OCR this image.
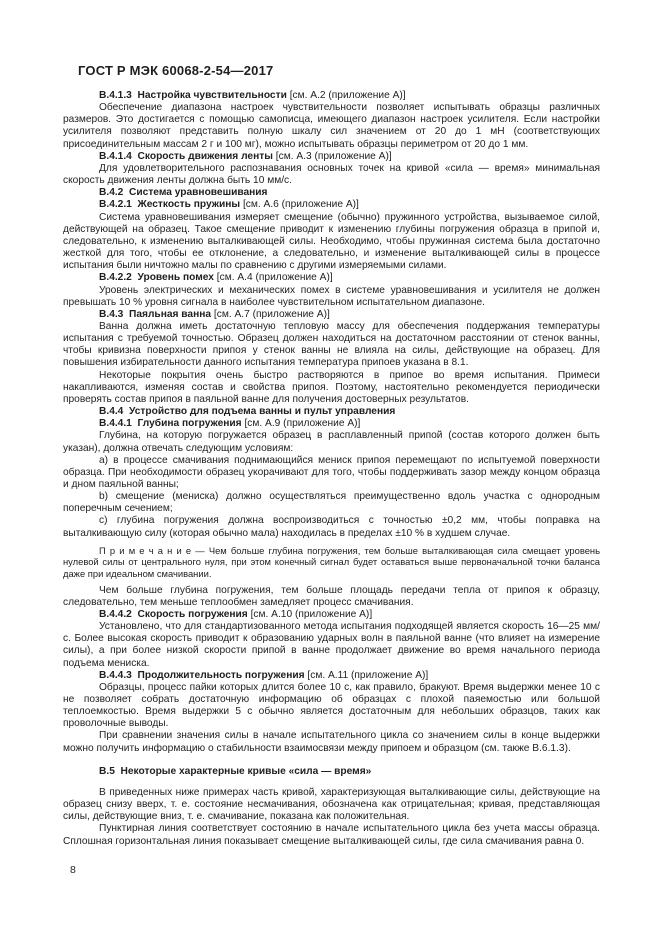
ГОСТ Р МЭК 60068-2-54—2017

В.4.1.3 Настройка чувствительности [см. А.2 (приложение А)]

Обеспечение диапазона настроек чувствительности позволяет испытывать образцы различных размеров. Это достигается с помощью самописца, имеющего диапазон настроек усилителя. Если настройки усилителя позволяют представить полную шкалу сил значением от 20 до 1 мН (соответствующих присоединительным массам 2 г и 100 мг), можно испытывать образцы периметром от 20 до 1 мм.

В.4.1.4 Скорость движения ленты [см. А.3 (приложение А)]

Для удовлетворительного распознавания основных точек на кривой «сила — время» минимальная скорость движения ленты должна быть 10 мм/с.

В.4.2 Система уравновешивания

В.4.2.1 Жесткость пружины [см. А.6 (приложение А)]

Система уравновешивания измеряет смещение (обычно) пружинного устройства, вызываемое силой, действующей на образец. Такое смещение приводит к изменению глубины погружения образца в припой и, следовательно, к изменению выталкивающей силы. Необходимо, чтобы пружинная система была достаточно жесткой для того, чтобы ее отклонение, а следовательно, и изменение выталкивающей силы в процессе испытания были ничтожно малы по сравнению с другими измеряемыми силами.

В.4.2.2 Уровень помех [см. А.4 (приложение А)]

Уровень электрических и механических помех в системе уравновешивания и усилителя не должен превышать 10 % уровня сигнала в наиболее чувствительном испытательном диапазоне.

В.4.3 Паяльная ванна [см. А.7 (приложение А)]

Ванна должна иметь достаточную тепловую массу для обеспечения поддержания температуры испытания с требуемой точностью. Образец должен находиться на достаточном расстоянии от стенок ванны, чтобы кривизна поверхности припоя у стенок ванны не влияла на силы, действующие на образец. Для повышения избирательности данного испытания температура припоев указана в 8.1.

Некоторые покрытия очень быстро растворяются в припое во время испытания. Примеси накапливаются, изменяя состав и свойства припоя. Поэтому, настоятельно рекомендуется периодически проверять состав припоя в паяльной ванне для получения достоверных результатов.

В.4.4 Устройство для подъема ванны и пульт управления

В.4.4.1 Глубина погружения [см. А.9 (приложение А)]

Глубина, на которую погружается образец в расплавленный припой (состав которого должен быть указан), должна отвечать следующим условиям:

а) в процессе смачивания поднимающийся мениск припоя перемещают по испытуемой поверхности образца. При необходимости образец укорачивают для того, чтобы поддерживать зазор между концом образца и дном паяльной ванны;

b) смещение (мениска) должно осуществляться преимущественно вдоль участка с однородным поперечным сечением;

с) глубина погружения должна воспроизводиться с точностью ±0,2 мм, чтобы поправка на выталкивающую силу (которая обычно мала) находилась в пределах ±10 % в худшем случае.

П р и м е ч а н и е — Чем больше глубина погружения, тем больше выталкивающая сила смещает уровень нулевой силы от центрального нуля, при этом конечный сигнал будет оставаться выше первоначальной точки баланса даже при идеальном смачивании.

Чем больше глубина погружения, тем больше площадь передачи тепла от припоя к образцу, следовательно, тем меньше теплообмен замедляет процесс смачивания.

В.4.4.2 Скорость погружения [см. А.10 (приложение А)]

Установлено, что для стандартизованного метода испытания подходящей является скорость 16—25 мм/с. Более высокая скорость приводит к образованию ударных волн в паяльной ванне (что влияет на измерение силы), а при более низкой скорости припой в ванне продолжает движение во время начального периода подъема мениска.

В.4.4.3 Продолжительность погружения [см. А.11 (приложение А)]

Образцы, процесс пайки которых длится более 10 с, как правило, бракуют. Время выдержки менее 10 с не позволяет собрать достаточную информацию об образцах с плохой паяемостью или большой теплоемкостью. Время выдержки 5 с обычно является достаточным для небольших образцов, таких как проволочные выводы.

При сравнении значения силы в начале испытательного цикла со значением силы в конце выдержки можно получить информацию о стабильности взаимосвязи между припоем и образцом (см. также В.6.1.3).

В.5 Некоторые характерные кривые «сила — время»

В приведенных ниже примерах часть кривой, характеризующая выталкивающие силы, действующие на образец снизу вверх, т. е. состояние несмачивания, обозначена как отрицательная; кривая, представляющая силы, действующие вниз, т. е. смачивание, показана как положительная.

Пунктирная линия соответствует состоянию в начале испытательного цикла без учета массы образца. Сплошная горизонтальная линия показывает смещение выталкивающей силы, где сила смачивания равна 0.

8
